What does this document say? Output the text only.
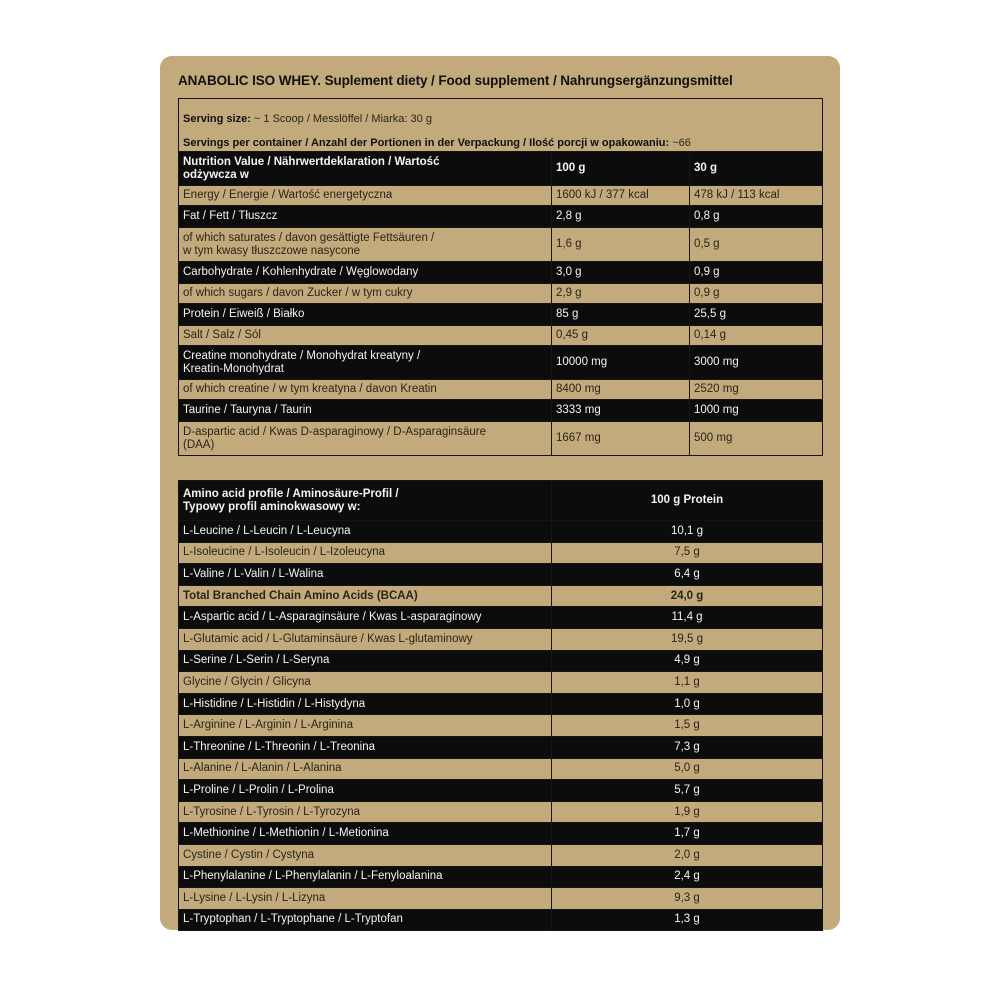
ANABOLIC ISO WHEY. Suplement diety / Food supplement / Nahrungsergänzungsmittel

Serving size: ~ 1 Scoop / Messlöffel / Miarka: 30 g

Servings per container / Anzahl der Portionen in der Verpackung / Ilość porcji w opakowaniu: ~66		

Nutrition Value / Nährwertdeklaration / Wartość
odżywcza w	100 g	30 g
Energy / Energie / Wartość energetyczna	1600 kJ / 377 kcal	478 kJ / 113 kcal
Fat / Fett / Tłuszcz	2,8 g	0,8 g
of which saturates / davon gesättigte Fettsäuren /
w tym kwasy tłuszczowe nasycone	1,6 g	0,5 g
Carbohydrate / Kohlenhydrate / Węglowodany	3,0 g	0,9 g
of which sugars / davon Zucker / w tym cukry	2,9 g	0,9 g
Protein / Eiweiß / Białko	85 g	25,5 g
Salt / Salz / Sól	0,45 g	0,14 g
Creatine monohydrate / Monohydrat kreatyny /
Kreatin-Monohydrat	10000 mg	3000 mg
of which creatine / w tym kreatyna / davon Kreatin	8400 mg	2520 mg
Taurine / Tauryna / Taurin	3333 mg	1000 mg
D-aspartic acid / Kwas D-asparaginowy / D-Asparaginsäure
(DAA)	1667 mg	500 mg
Amino acid profile / Aminosäure-Profil /
Typowy profil aminokwasowy w:	100 g Protein
L-Leucine / L-Leucin / L-Leucyna	10,1 g
L-Isoleucine / L-Isoleucin / L-Izoleucyna	7,5 g
L-Valine / L-Valin / L-Walina	6,4 g
Total Branched Chain Amino Acids (BCAA)	24,0 g
L-Aspartic acid / L-Asparaginsäure / Kwas L-asparaginowy	11,4 g
L-Glutamic acid / L-Glutaminsäure / Kwas L-glutaminowy	19,5 g
L-Serine / L-Serin / L-Seryna	4,9 g
Glycine / Glycin / Glicyna	1,1 g
L-Histidine / L-Histidin / L-Histydyna	1,0 g
L-Arginine / L-Arginin / L-Arginina	1,5 g
L-Threonine / L-Threonin / L-Treonina	7,3 g
L-Alanine / L-Alanin / L-Alanina	5,0 g
L-Proline / L-Prolin / L-Prolina	5,7 g
L-Tyrosine / L-Tyrosin / L-Tyrozyna	1,9 g
L-Methionine / L-Methionin / L-Metionina	1,7 g
Cystine / Cystin / Cystyna	2,0 g
L-Phenylalanine / L-Phenylalanin / L-Fenyloalanina	2,4 g
L-Lysine / L-Lysin / L-Lizyna	9,3 g
L-Tryptophan / L-Tryptophane / L-Tryptofan	1,3 g
